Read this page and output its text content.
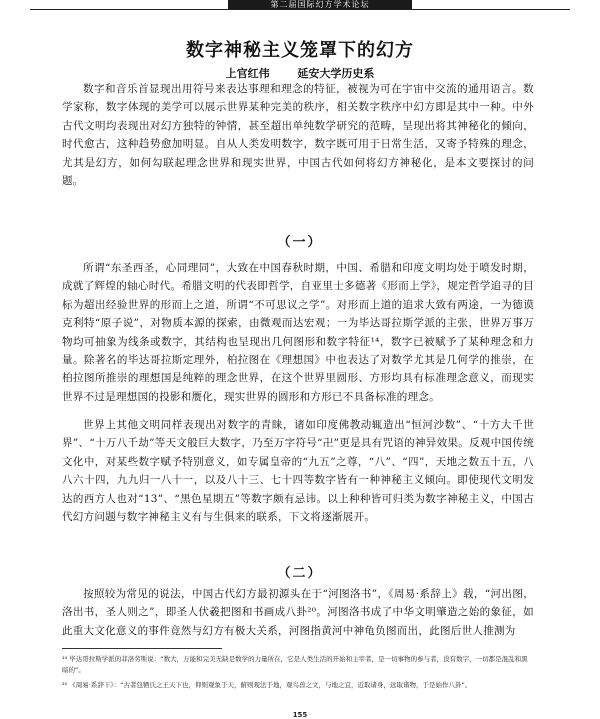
第二届国际幻方学术论坛
数字神秘主义笼罩下的幻方
上官红伟	延安大学历史系
数字和音乐首显现出用符号来表达事理和理念的特征，被视为可在宇宙中交流的通用语言。数学家称，数字体现的美学可以展示世界某种完美的秩序，相关数字秩序中幻方即是其中一种。中外古代文明均表现出对幻方独特的钟情，甚至超出单纯数学研究的范畴，呈现出将其神秘化的倾向，时代愈古，这种趋势愈加明显。自从人类发明数字，数字既可用于日常生活，又寄予特殊的理念，尤其是幻方，如何勾联起理念世界和现实世界，中国古代如何将幻方神秘化，是本文要探讨的问题。
（一）
所谓“东圣西圣，心同理同”，大致在中国春秋时期，中国、希腊和印度文明均处于喷发时期，成就了辉煌的轴心时代。希腊文明的代表即哲学，自亚里士多德著《形而上学》，规定哲学追寻的目标为超出经验世界的形而上之道，所谓“不可思议之学”。对形而上道的追求大致有两途，一为德谟克利特“原子说”，对物质本源的探索，由微观而达宏观；一为毕达哥拉斯学派的主张，世界万事万物均可抽象为线条或数字，其结构也呈现出几何图形和数字特征¹⁴，数字已被赋予了某种理念和力量。除著名的毕达哥拉斯定理外，柏拉图在《理想国》中也表达了对数学尤其是几何学的推崇，在柏拉图所推崇的理想国是纯粹的理念世界，在这个世界里圆形、方形均具有标准理念意义，而现实世界不过是理想国的投影和赝化，现实世界的圆形和方形已不具备标准的理念。
世界上其他文明同样表现出对数字的青睐，诸如印度佛教动辄造出“恒河沙数”、“十方大千世界”、“十万八千劫”等天文般巨大数字，乃至万字符号“卍”更是具有咒语的神异效果。反观中国传统文化中，对某些数字赋予特别意义，如专属皇帝的“九五”之尊，“八”、“四”，天地之数五十五，八八六十四，九九归一八十一，以及八十三、七十四等数字皆有一种神秘主义倾向。即使现代文明发达的西方人也对“13”、“黑色星期五”等数字颇有忌讳。以上种种皆可归类为数字神秘主义，中国古代幻方问题与数字神秘主义有与生俱来的联系，下文将逐渐展开。
（二）
按照较为常见的说法，中国古代幻方最初源头在于“河图洛书”，《周易·系辞上》载，“河出图，洛出书，圣人则之”，即圣人伏羲把图和书画成八卦²⁰。河图洛书成了中华文明肇造之始的象征，如此重大文化意义的事件竟然与幻方有极大关系，河图指黄河中神龟负图而出，此图后世人推测为
¹⁴ 毕达哥拉斯学派的菲洛劳斯说：“数大，万能和完美无缺是数学的力量所在，它是人类生活的开始和主宰者，是一切事物的参与者，没有数字，一切都是混乱和黑暗的”。
²⁰ 《周易·系辞下》：“古者包牺氏之王天下也，仰则观象于天，俯则观法于地，观鸟兽之文，与地之宜，近取诸身，远取诸物，于是始作八卦”。
155
